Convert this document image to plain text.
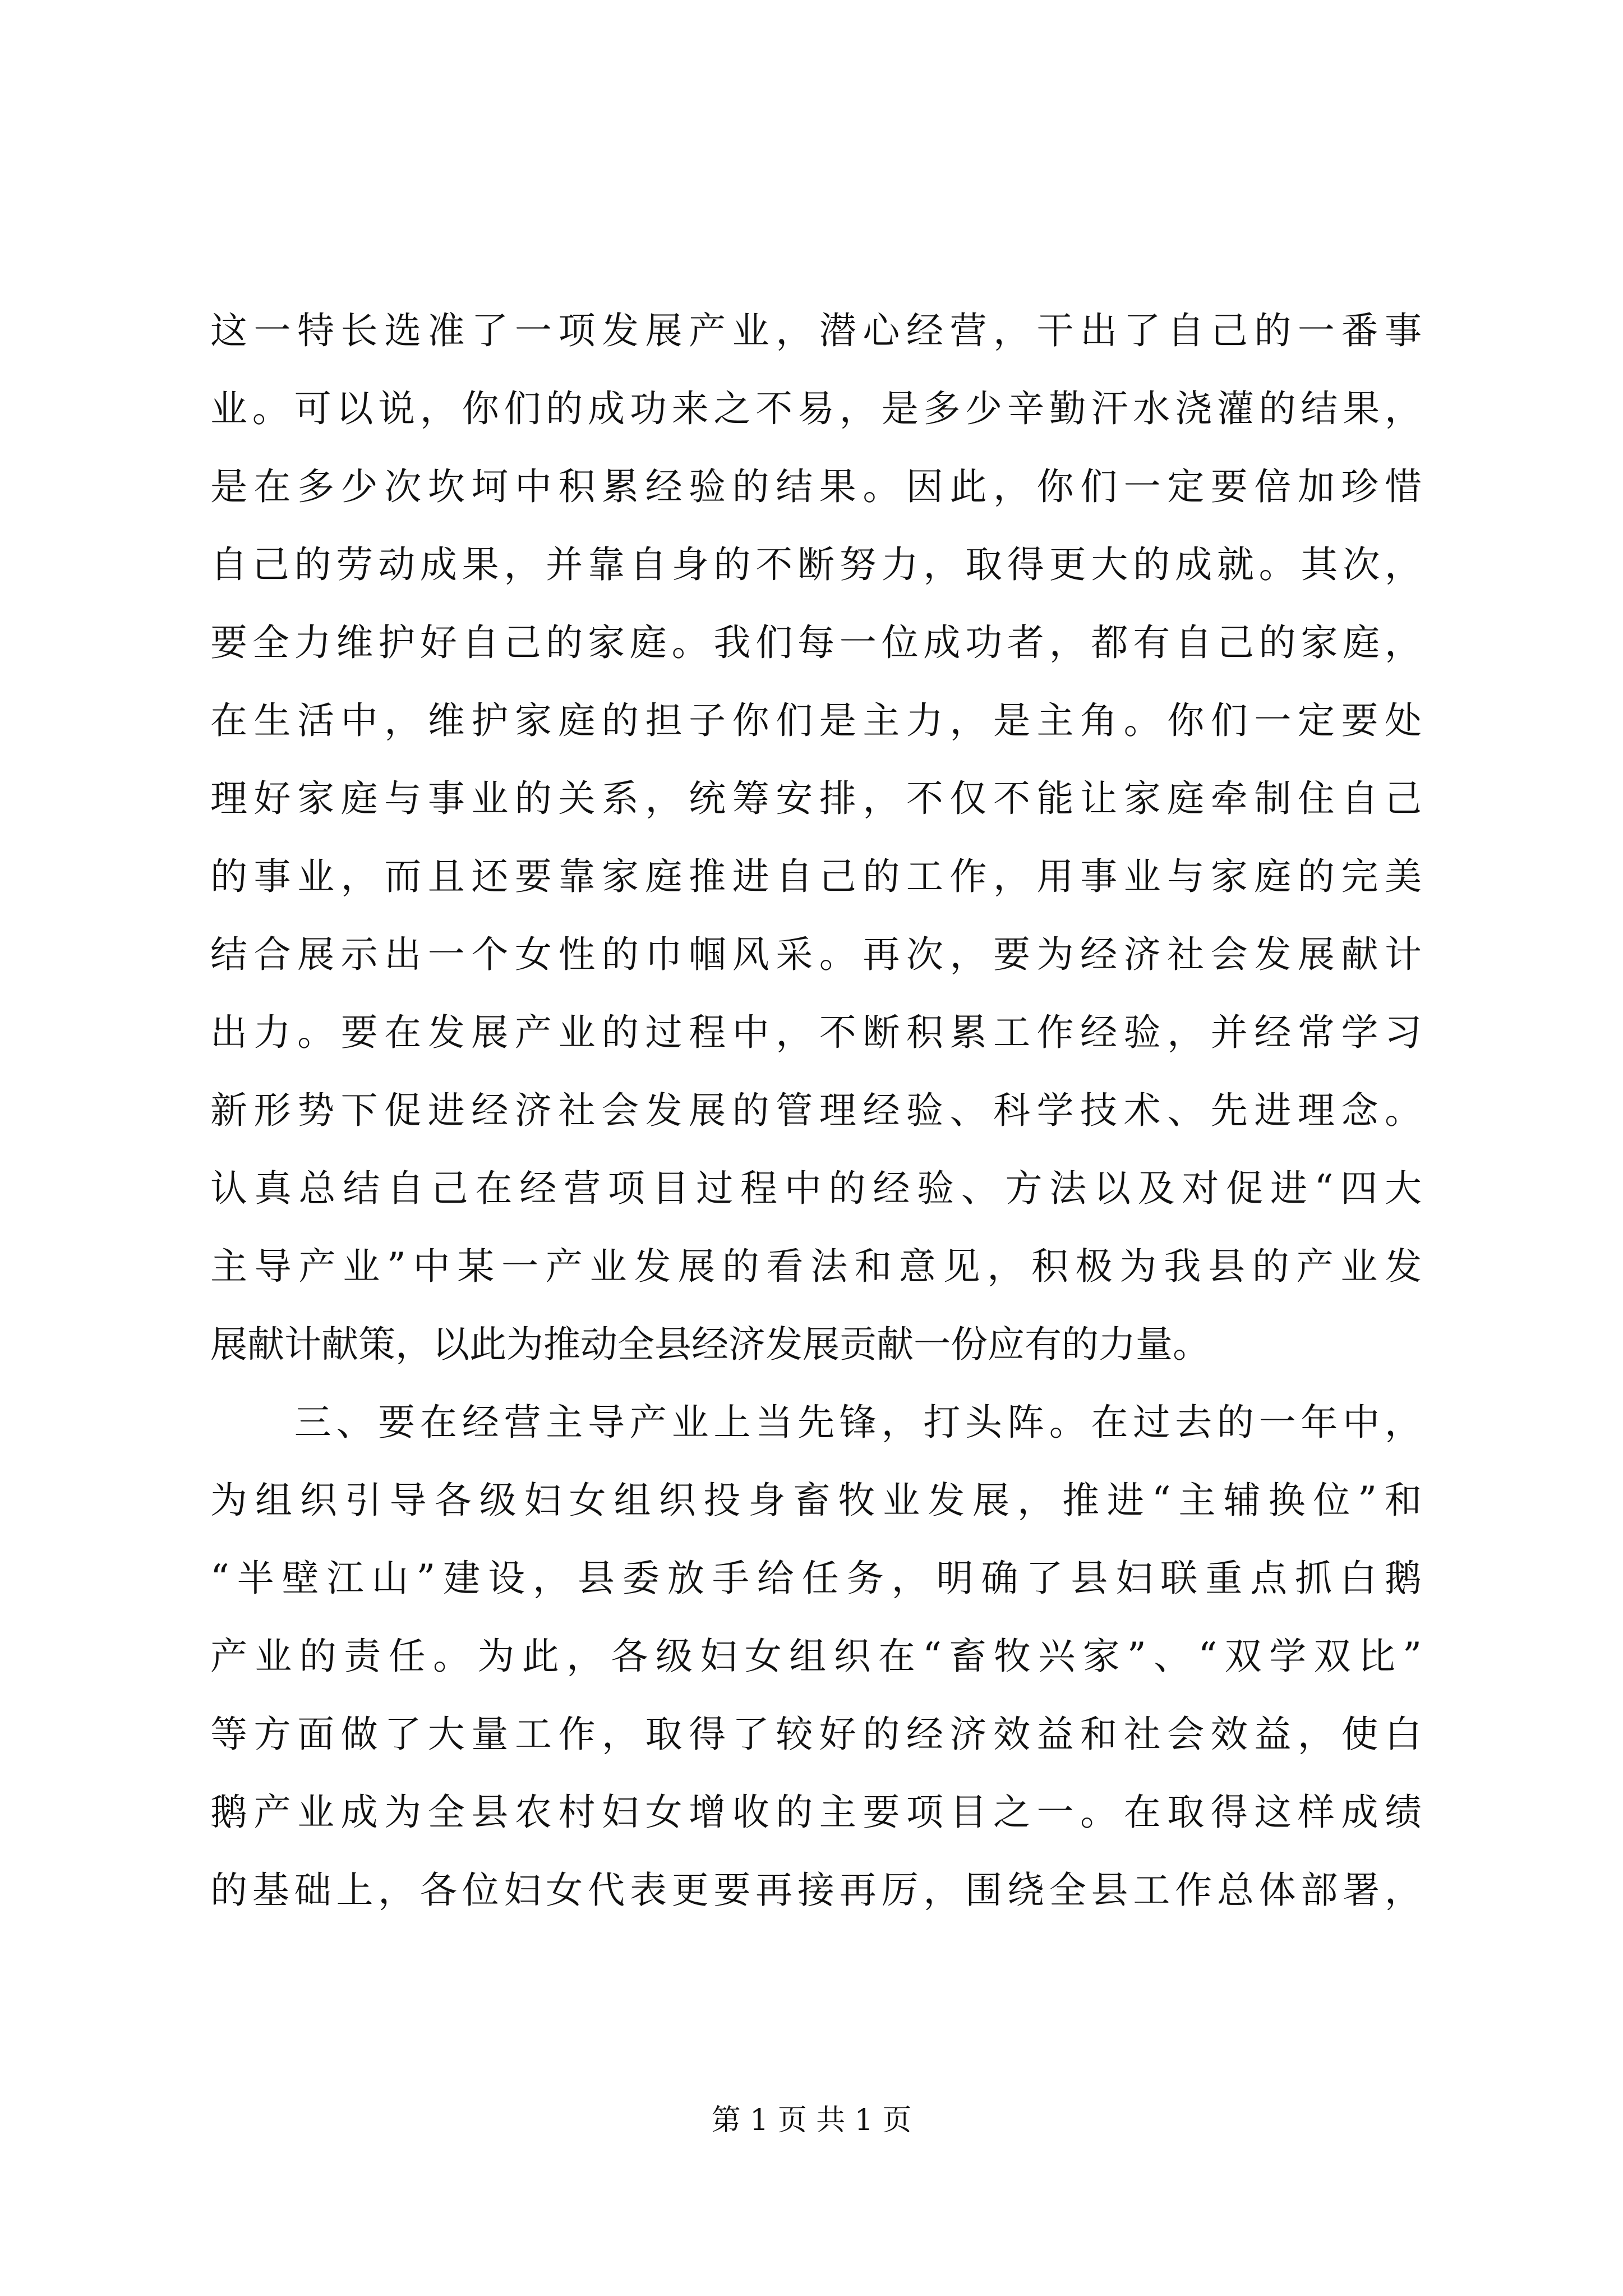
这一特长选准了一项发展产业，潜心经营，干出了自己的一番事
业。可以说，你们的成功来之不易，是多少辛勤汗水浇灌的结果，
是在多少次坎坷中积累经验的结果。因此，你们一定要倍加珍惜
自己的劳动成果，并靠自身的不断努力，取得更大的成就。其次，
要全力维护好自己的家庭。我们每一位成功者，都有自己的家庭，
在生活中，维护家庭的担子你们是主力，是主角。你们一定要处
理好家庭与事业的关系，统筹安排，不仅不能让家庭牵制住自己
的事业，而且还要靠家庭推进自己的工作，用事业与家庭的完美
结合展示出一个女性的巾帼风采。再次，要为经济社会发展献计
出力。要在发展产业的过程中，不断积累工作经验，并经常学习
新形势下促进经济社会发展的管理经验、科学技术、先进理念。
认真总结自己在经营项目过程中的经验、方法以及对促进“四大
主导产业”中某一产业发展的看法和意见，积极为我县的产业发
展献计献策，以此为推动全县经济发展贡献一份应有的力量。
　　三、要在经营主导产业上当先锋，打头阵。在过去的一年中，
为组织引导各级妇女组织投身畜牧业发展，推进“主辅换位”和
“半壁江山”建设，县委放手给任务，明确了县妇联重点抓白鹅
产业的责任。为此，各级妇女组织在“畜牧兴家”、“双学双比”
等方面做了大量工作，取得了较好的经济效益和社会效益，使白
鹅产业成为全县农村妇女增收的主要项目之一。在取得这样成绩
的基础上，各位妇女代表更要再接再厉，围绕全县工作总体部署，
第 1 页 共 1 页
